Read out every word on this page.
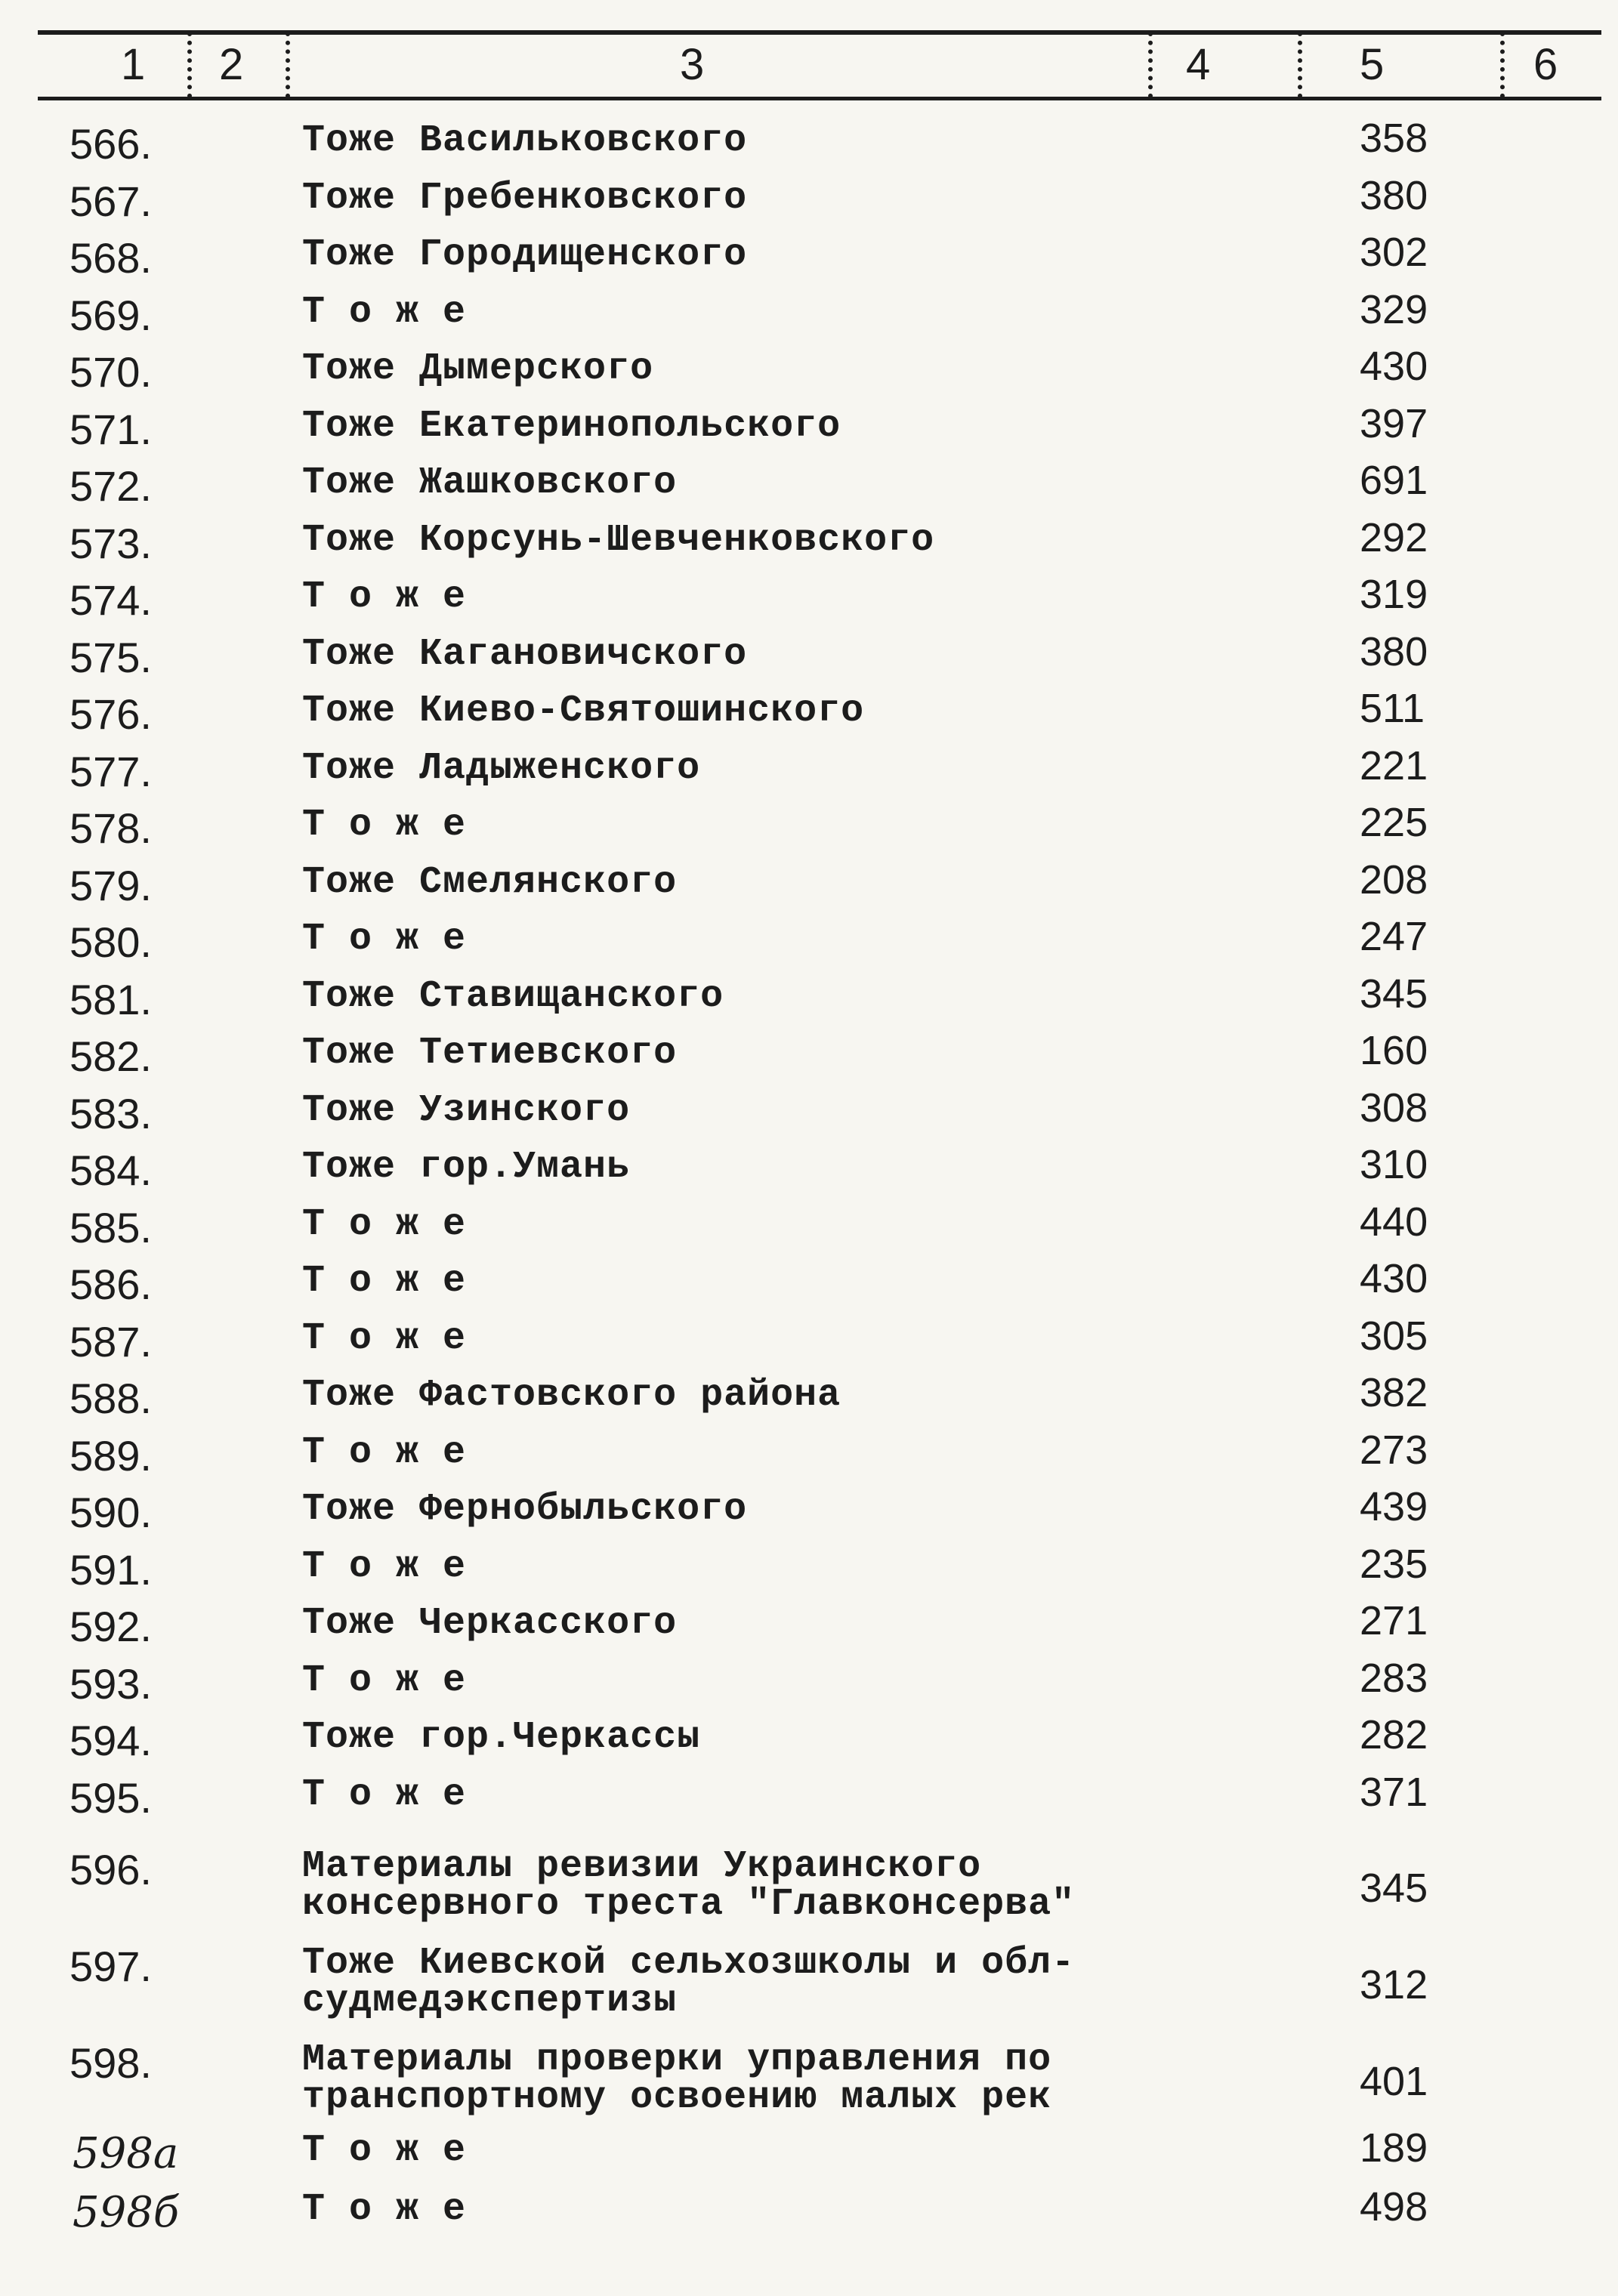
1 2	3	4	5	6
566.	Тоже Васильковского	358
567.	Тоже Гребенковского	380
568.	Тоже Городищенского	302
569.	Т о ж е	329
570.	Тоже Дымерского	430
571.	Тоже Екатеринопольского	397
572.	Тоже Жашковского	691
573.	Тоже Корсунь-Шевченковского	292
574.	Т о ж е	319
575.	Тоже Кагановичского	380
576.	Тоже Киево-Святошинского	511
577.	Тоже Ладыженского	221
578.	Т о ж е	225
579.	Тоже Смелянского	208
580.	Т о ж е	247
581.	Тоже Ставищанского	345
582.	Тоже Тетиевского	160
583.	Тоже Узинского	308
584.	Тоже гор.Умань	310
585.	Т о ж е	440
586.	Т о ж е	430
587.	Т о ж е	305
588.	Тоже Фастовского района	382
589.	Т о ж е	273
590.	Тоже Фернобыльского	439
591.	Т о ж е	235
592.	Тоже Черкасского	271
593.	Т о ж е	283
594.	Тоже гор.Черкассы	282
595.	Т о ж е	371
596.	Материалы ревизии Украинского
консервного треста "Главконсерва"	345
597.	Тоже Киевской сельхозшколы и обл-
судмедэкспертизы	312
598.	Материалы проверки управления по
транспортному освоению малых рек	401
598а	Т о ж е	189
598б	Т о ж е	498
